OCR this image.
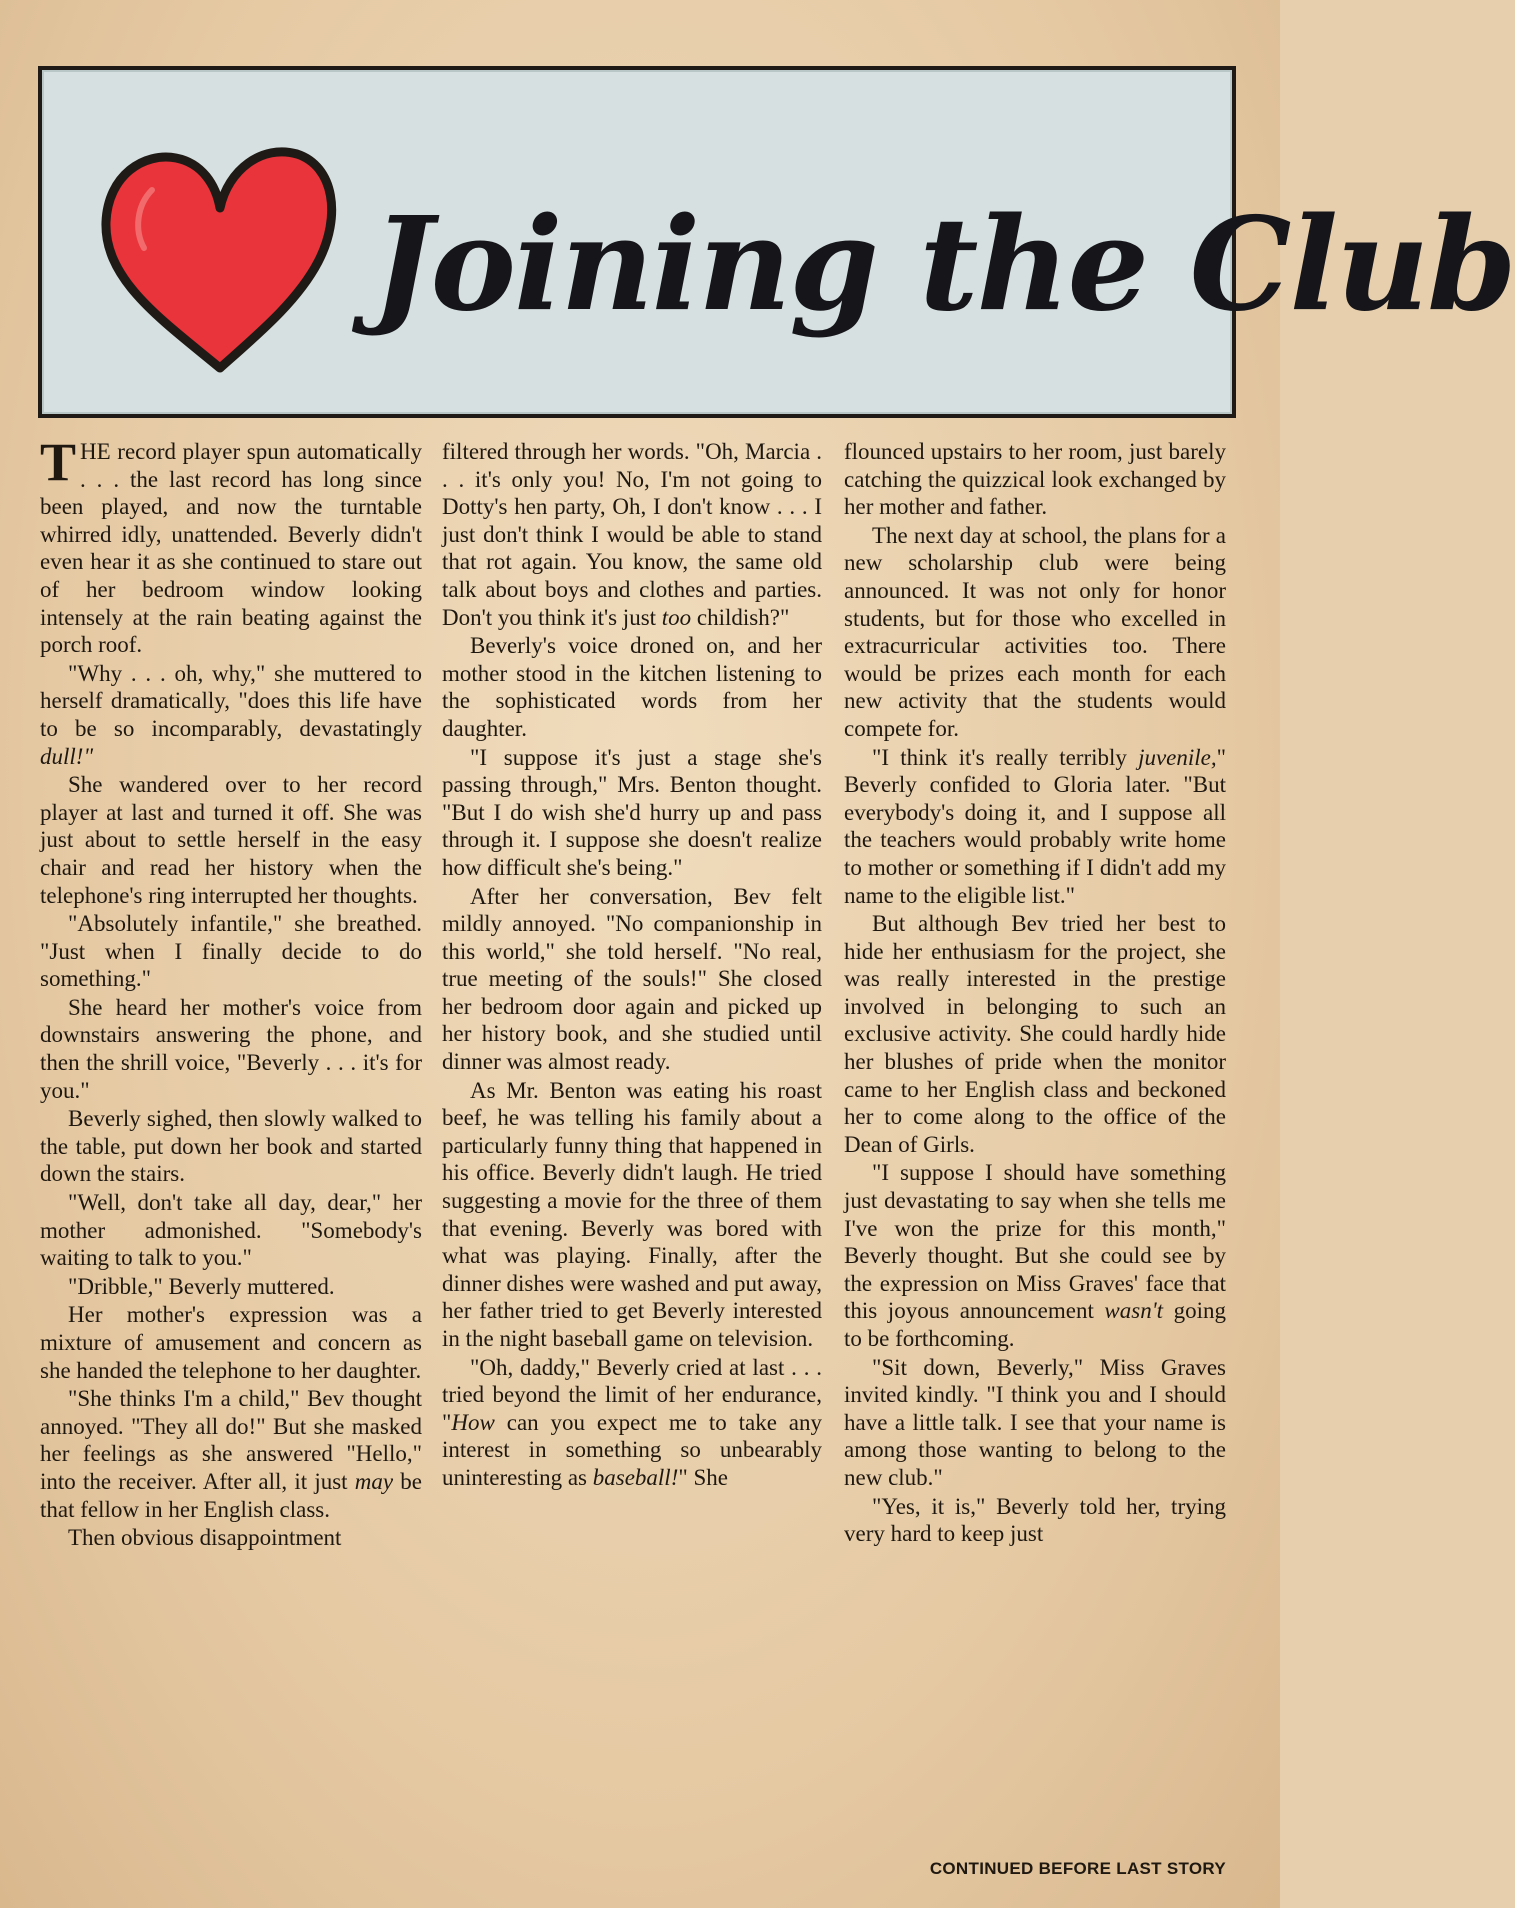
Joining the Club

THE record player spun automatically . . . the last record has long since been played, and now the turntable whirred idly, unattended. Beverly didn't even hear it as she continued to stare out of her bedroom window looking intensely at the rain beating against the porch roof.

"Why . . . oh, why," she muttered to herself dramatically, "does this life have to be so incomparably, devastatingly dull!"

She wandered over to her record player at last and turned it off. She was just about to settle herself in the easy chair and read her history when the telephone's ring interrupted her thoughts.

"Absolutely infantile," she breathed. "Just when I finally decide to do something."

She heard her mother's voice from downstairs answering the phone, and then the shrill voice, "Beverly . . . it's for you."

Beverly sighed, then slowly walked to the table, put down her book and started down the stairs.

"Well, don't take all day, dear," her mother admonished. "Somebody's waiting to talk to you."

"Dribble," Beverly muttered.

Her mother's expression was a mixture of amusement and concern as she handed the telephone to her daughter.

"She thinks I'm a child," Bev thought annoyed. "They all do!" But she masked her feelings as she answered "Hello," into the receiver. After all, it just may be that fellow in her English class.

Then obvious disappointment

filtered through her words. "Oh, Marcia . . . it's only you! No, I'm not going to Dotty's hen party, Oh, I don't know . . . I just don't think I would be able to stand that rot again. You know, the same old talk about boys and clothes and parties. Don't you think it's just too childish?"

Beverly's voice droned on, and her mother stood in the kitchen listening to the sophisticated words from her daughter.

"I suppose it's just a stage she's passing through," Mrs. Benton thought. "But I do wish she'd hurry up and pass through it. I suppose she doesn't realize how difficult she's being."

After her conversation, Bev felt mildly annoyed. "No companionship in this world," she told herself. "No real, true meeting of the souls!" She closed her bedroom door again and picked up her history book, and she studied until dinner was almost ready.

As Mr. Benton was eating his roast beef, he was telling his family about a particularly funny thing that happened in his office. Beverly didn't laugh. He tried suggesting a movie for the three of them that evening. Beverly was bored with what was playing. Finally, after the dinner dishes were washed and put away, her father tried to get Beverly interested in the night baseball game on television.

"Oh, daddy," Beverly cried at last . . . tried beyond the limit of her endurance, "How can you expect me to take any interest in something so unbearably uninteresting as baseball!" She

flounced upstairs to her room, just barely catching the quizzical look exchanged by her mother and father.

The next day at school, the plans for a new scholarship club were being announced. It was not only for honor students, but for those who excelled in extracurricular activities too. There would be prizes each month for each new activity that the students would compete for.

"I think it's really terribly juvenile," Beverly confided to Gloria later. "But everybody's doing it, and I suppose all the teachers would probably write home to mother or something if I didn't add my name to the eligible list."

But although Bev tried her best to hide her enthusiasm for the project, she was really interested in the prestige involved in belonging to such an exclusive activity. She could hardly hide her blushes of pride when the monitor came to her English class and beckoned her to come along to the office of the Dean of Girls.

"I suppose I should have something just devastating to say when she tells me I've won the prize for this month," Beverly thought. But she could see by the expression on Miss Graves' face that this joyous announcement wasn't going to be forthcoming.

"Sit down, Beverly," Miss Graves invited kindly. "I think you and I should have a little talk. I see that your name is among those wanting to belong to the new club."

"Yes, it is," Beverly told her, trying very hard to keep just

CONTINUED BEFORE LAST STORY
